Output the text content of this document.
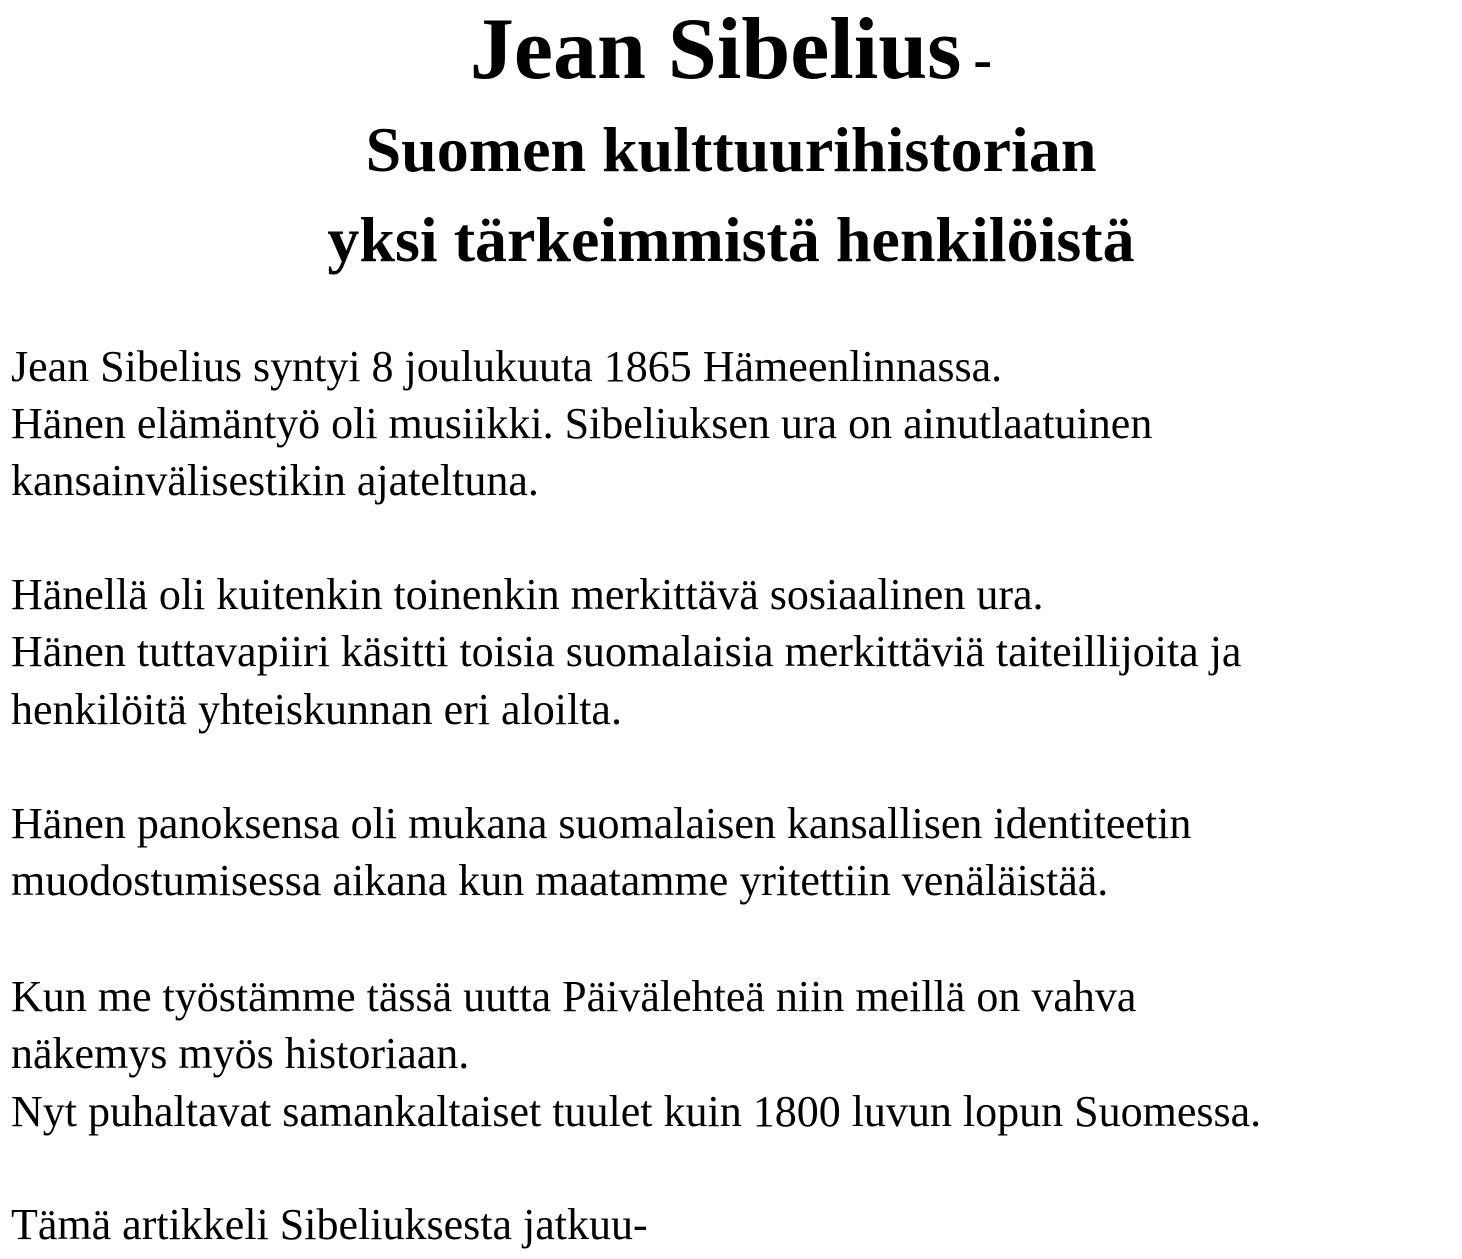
Jean Sibelius -
Suomen kulttuurihistorian
yksi tärkeimmistä henkilöistä
Jean Sibelius syntyi 8 joulukuuta 1865 Hämeenlinnassa.
Hänen elämäntyö oli musiikki. Sibeliuksen ura on ainutlaatuinen
kansainvälisestikin ajateltuna.
Hänellä oli kuitenkin toinenkin merkittävä sosiaalinen ura.
Hänen tuttavapiiri käsitti toisia suomalaisia merkittäviä taiteillijoita ja
henkilöitä yhteiskunnan eri aloilta.
Hänen panoksensa oli mukana suomalaisen kansallisen identiteetin
muodostumisessa aikana kun maatamme yritettiin venäläistää.
Kun me työstämme tässä uutta Päivälehteä niin meillä on vahva
näkemys myös historiaan.
Nyt puhaltavat samankaltaiset tuulet kuin 1800 luvun lopun Suomessa.
Tämä artikkeli Sibeliuksesta jatkuu-
